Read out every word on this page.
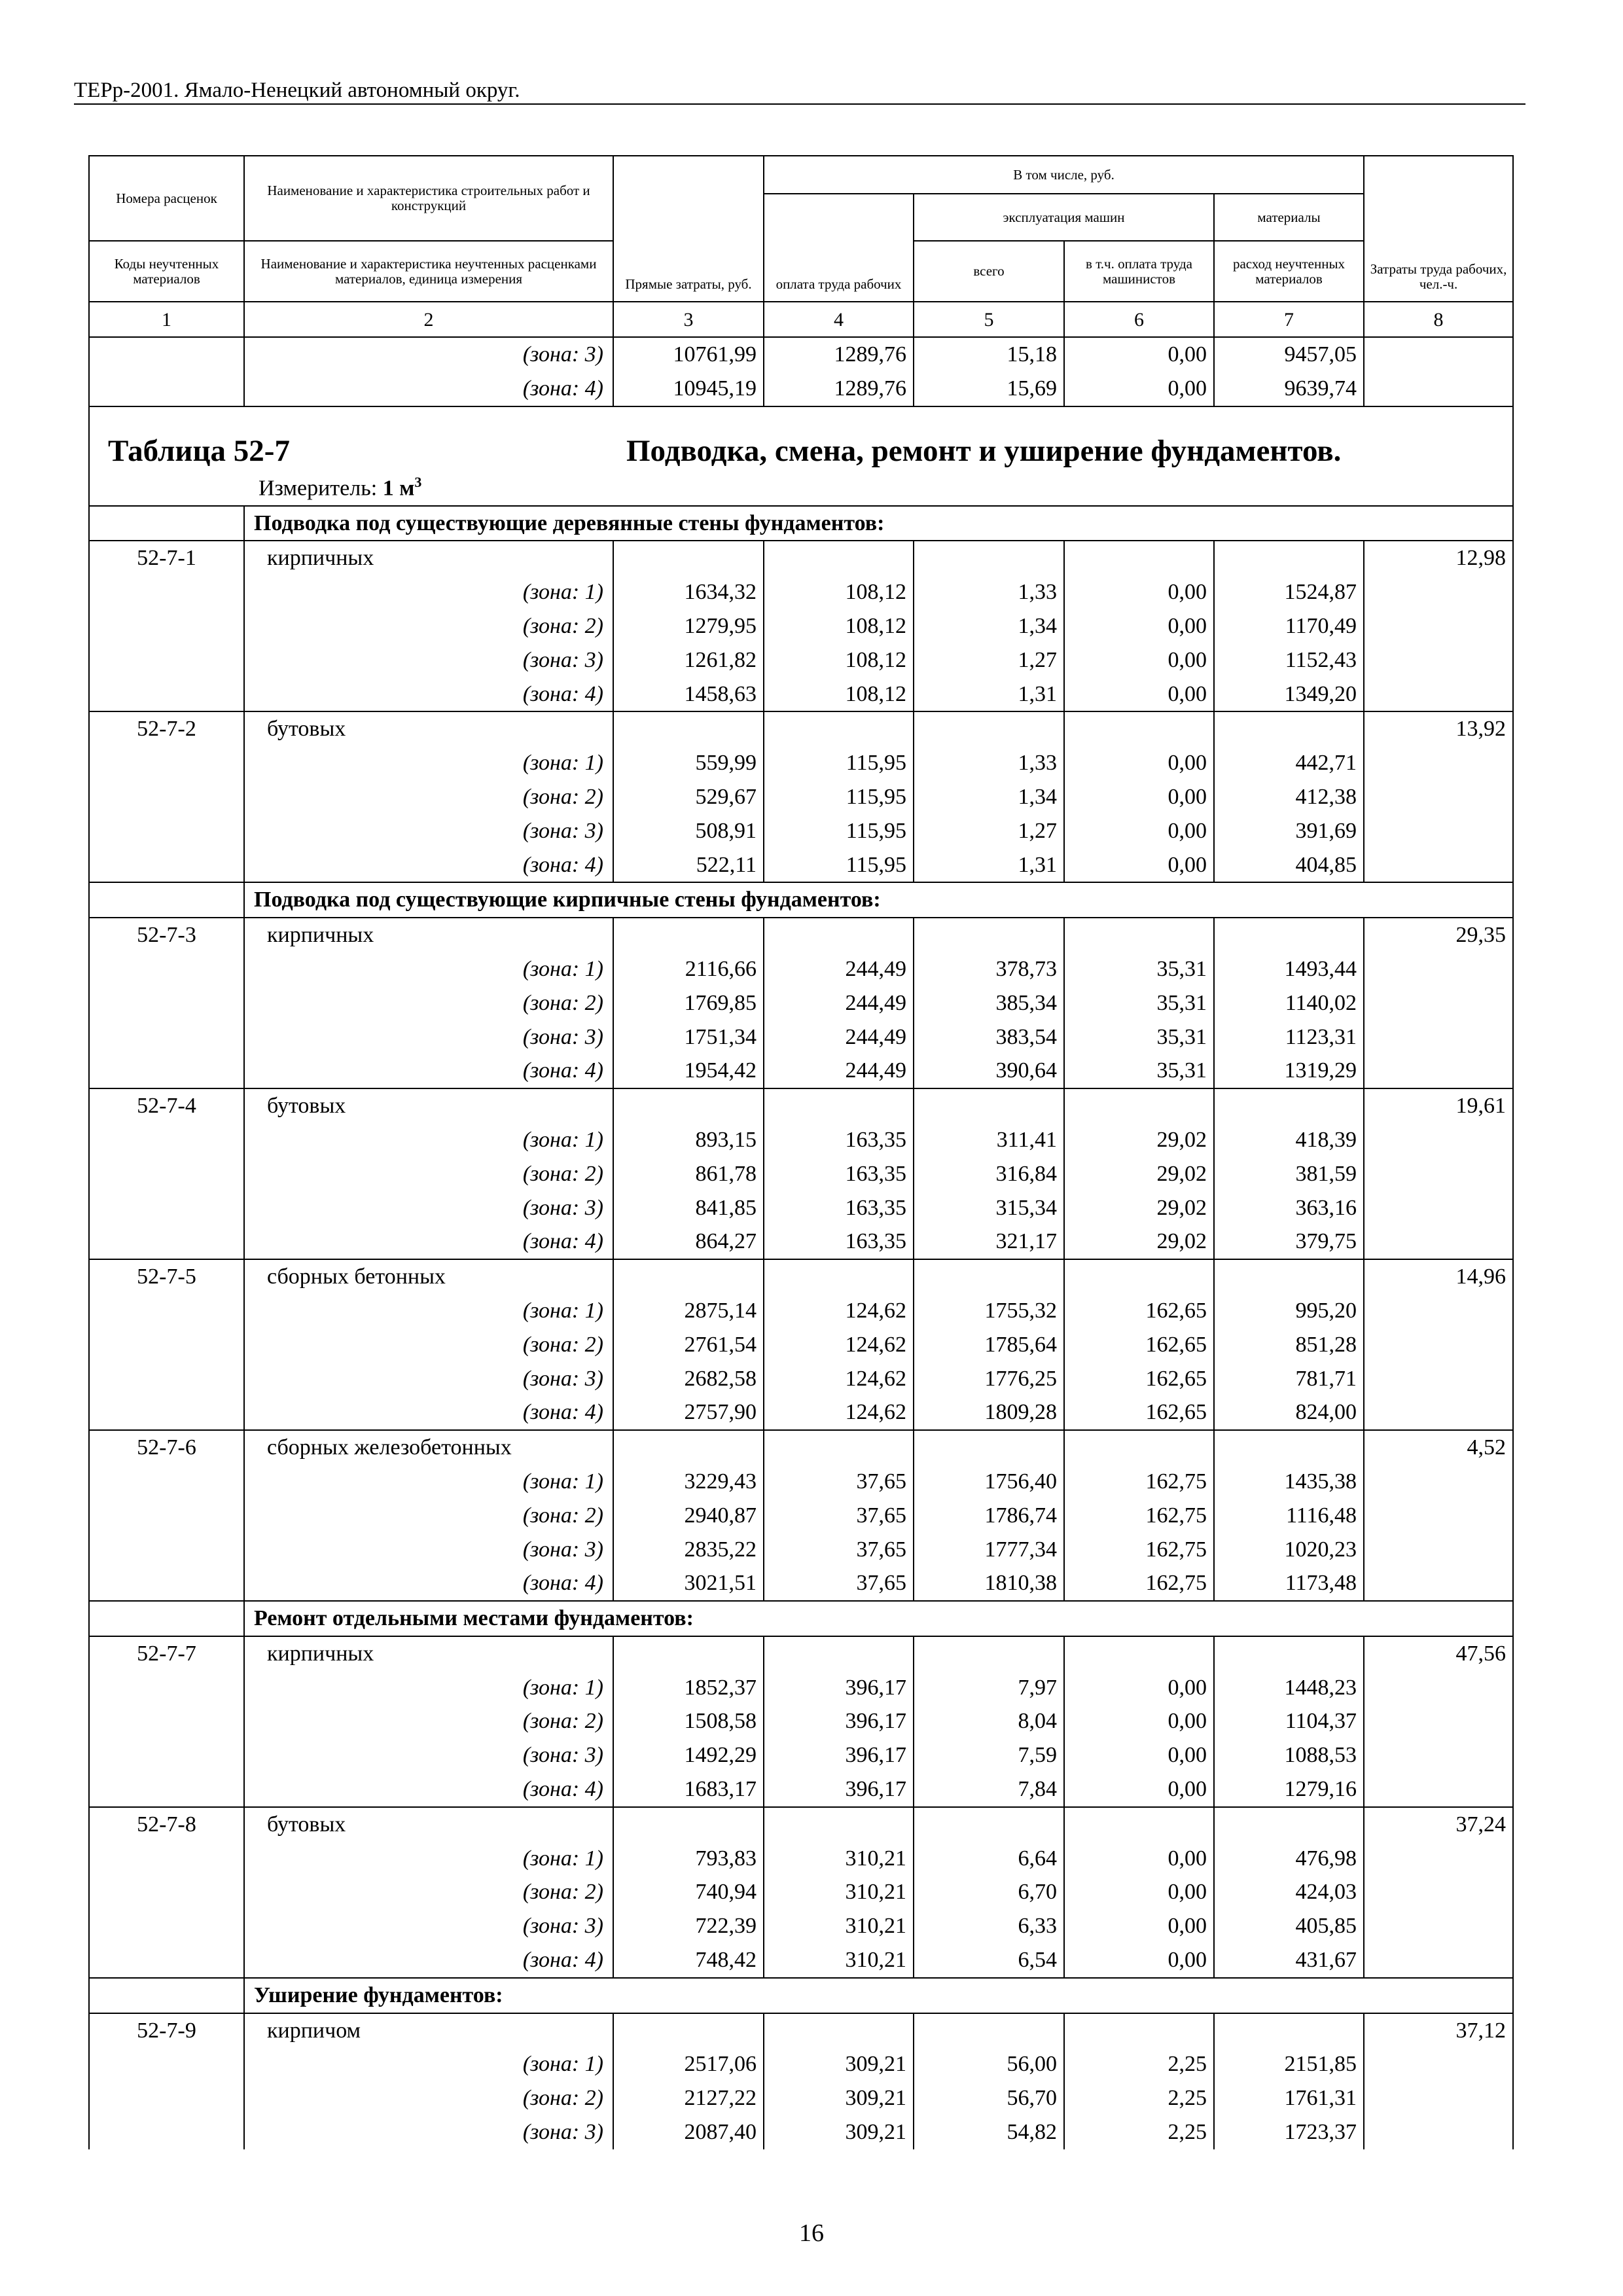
ТЕРр-2001. Ямало-Ненецкий автономный округ.
Номера расценок	Наименование и характеристика строительных работ и конструкций	Прямые затраты, руб.	В том числе, руб.				Затраты труда рабочих, чел.-ч.
			оплата труда рабочих	эксплуатация машин		материалы	
Коды неучтенных материалов	Наименование и характеристика неучтенных расценками материалов, единица измерения			всего	в т.ч. оплата труда машинистов	расход неучтенных материалов	

1	2	3	4	5	6	7	8
	(зона: 3)	10761,99	1289,76	15,18	0,00	9457,05	
	(зона: 4)	10945,19	1289,76	15,69	0,00	9639,74	

Таблица 52-7 Подводка, смена, ремонт и уширение фундаментов.
Измеритель: 1 $м^3$

	Подводка под существующие деревянные стены фундаментов:						
52-7-1	кирпичных						12,98
	(зона: 1)	1634,32	108,12	1,33	0,00	1524,87	
	(зона: 2)	1279,95	108,12	1,34	0,00	1170,49	
	(зона: 3)	1261,82	108,12	1,27	0,00	1152,43	
	(зона: 4)	1458,63	108,12	1,31	0,00	1349,20	
52-7-2	бутовых						13,92
	(зона: 1)	559,99	115,95	1,33	0,00	442,71	
	(зона: 2)	529,67	115,95	1,34	0,00	412,38	
	(зона: 3)	508,91	115,95	1,27	0,00	391,69	
	(зона: 4)	522,11	115,95	1,31	0,00	404,85	
	Подводка под существующие кирпичные стены фундаментов:						
52-7-3	кирпичных						29,35
	(зона: 1)	2116,66	244,49	378,73	35,31	1493,44	
	(зона: 2)	1769,85	244,49	385,34	35,31	1140,02	
	(зона: 3)	1751,34	244,49	383,54	35,31	1123,31	
	(зона: 4)	1954,42	244,49	390,64	35,31	1319,29	
52-7-4	бутовых						19,61
	(зона: 1)	893,15	163,35	311,41	29,02	418,39	
	(зона: 2)	861,78	163,35	316,84	29,02	381,59	
	(зона: 3)	841,85	163,35	315,34	29,02	363,16	
	(зона: 4)	864,27	163,35	321,17	29,02	379,75	
52-7-5	сборных бетонных						14,96
	(зона: 1)	2875,14	124,62	1755,32	162,65	995,20	
	(зона: 2)	2761,54	124,62	1785,64	162,65	851,28	
	(зона: 3)	2682,58	124,62	1776,25	162,65	781,71	
	(зона: 4)	2757,90	124,62	1809,28	162,65	824,00	
52-7-6	сборных железобетонных						4,52
	(зона: 1)	3229,43	37,65	1756,40	162,75	1435,38	
	(зона: 2)	2940,87	37,65	1786,74	162,75	1116,48	
	(зона: 3)	2835,22	37,65	1777,34	162,75	1020,23	
	(зона: 4)	3021,51	37,65	1810,38	162,75	1173,48	
	Ремонт отдельными местами фундаментов:						
52-7-7	кирпичных						47,56
	(зона: 1)	1852,37	396,17	7,97	0,00	1448,23	
	(зона: 2)	1508,58	396,17	8,04	0,00	1104,37	
	(зона: 3)	1492,29	396,17	7,59	0,00	1088,53	
	(зона: 4)	1683,17	396,17	7,84	0,00	1279,16	
52-7-8	бутовых						37,24
	(зона: 1)	793,83	310,21	6,64	0,00	476,98	
	(зона: 2)	740,94	310,21	6,70	0,00	424,03	
	(зона: 3)	722,39	310,21	6,33	0,00	405,85	
	(зона: 4)	748,42	310,21	6,54	0,00	431,67	
	Уширение фундаментов:						
52-7-9	кирпичом						37,12
	(зона: 1)	2517,06	309,21	56,00	2,25	2151,85	
	(зона: 2)	2127,22	309,21	56,70	2,25	1761,31	
	(зона: 3)	2087,40	309,21	54,82	2,25	1723,37	
16
